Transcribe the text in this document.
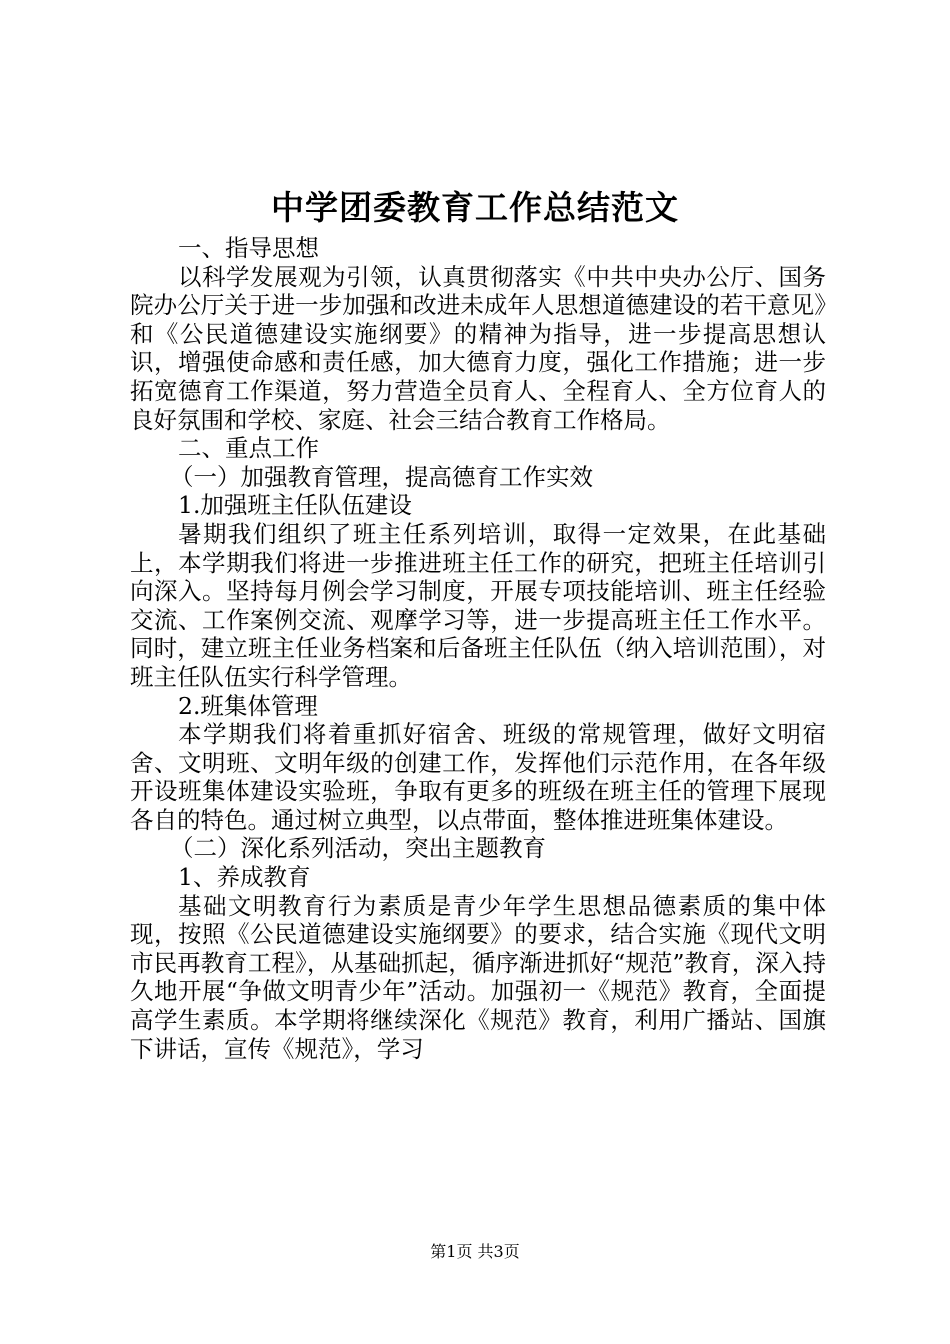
中学团委教育工作总结范文

一、指导思想

以科学发展观为引领，认真贯彻落实《中共中央办公厅、国务院办公厅关于进一步加强和改进未成年人思想道德建设的若干意见》和《公民道德建设实施纲要》的精神为指导，进一步提高思想认识，增强使命感和责任感，加大德育力度，强化工作措施；进一步拓宽德育工作渠道，努力营造全员育人、全程育人、全方位育人的良好氛围和学校、家庭、社会三结合教育工作格局。

二、重点工作

（一）加强教育管理，提高德育工作实效

1.加强班主任队伍建设

暑期我们组织了班主任系列培训，取得一定效果，在此基础上，本学期我们将进一步推进班主任工作的研究，把班主任培训引向深入。坚持每月例会学习制度，开展专项技能培训、班主任经验交流、工作案例交流、观摩学习等，进一步提高班主任工作水平。同时，建立班主任业务档案和后备班主任队伍（纳入培训范围），对班主任队伍实行科学管理。

2.班集体管理

本学期我们将着重抓好宿舍、班级的常规管理，做好文明宿舍、文明班、文明年级的创建工作，发挥他们示范作用，在各年级开设班集体建设实验班，争取有更多的班级在班主任的管理下展现各自的特色。通过树立典型，以点带面，整体推进班集体建设。

（二）深化系列活动，突出主题教育

1、养成教育

基础文明教育行为素质是青少年学生思想品德素质的集中体现，按照《公民道德建设实施纲要》的要求，结合实施《现代文明市民再教育工程》，从基础抓起，循序渐进抓好“规范”教育，深入持久地开展“争做文明青少年”活动。加强初一《规范》教育，全面提高学生素质。本学期将继续深化《规范》教育，利用广播站、国旗下讲话，宣传《规范》，学习

第1页 共3页
